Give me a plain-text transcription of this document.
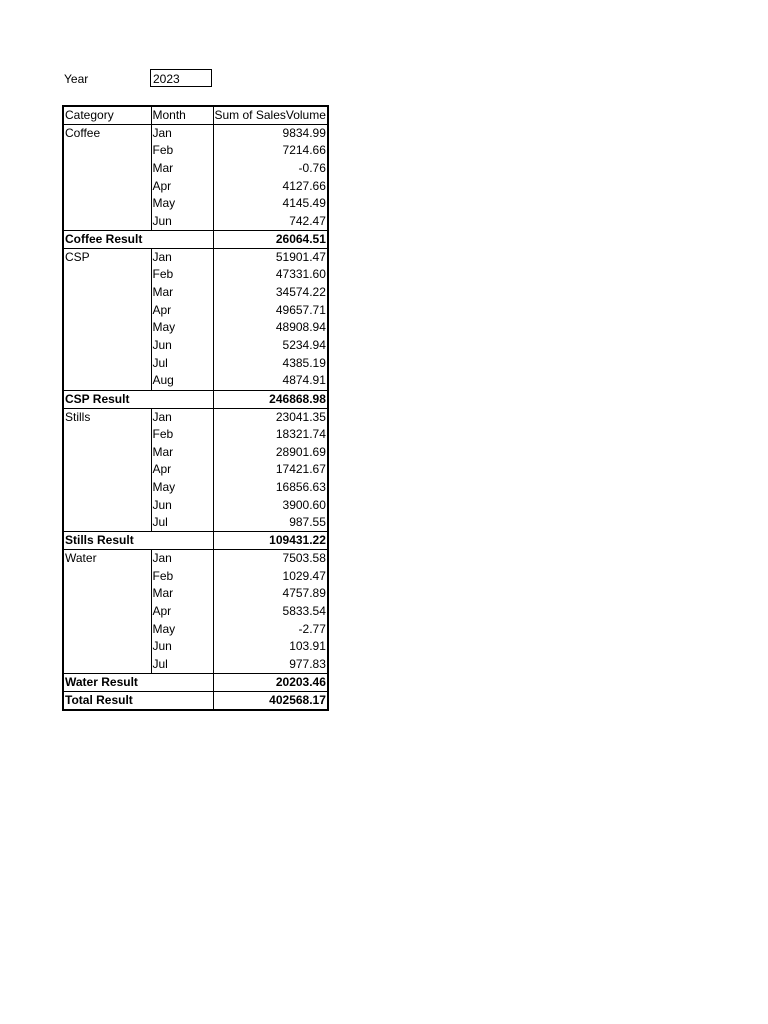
Year	2023
Category	Month	Sum of SalesVolume
Coffee	Jan	9834.99
	Feb	7214.66
	Mar	-0.76
	Apr	4127.66
	May	4145.49
	Jun	742.47
Coffee Result		26064.51
CSP	Jan	51901.47
	Feb	47331.60
	Mar	34574.22
	Apr	49657.71
	May	48908.94
	Jun	5234.94
	Jul	4385.19
	Aug	4874.91
CSP Result		246868.98
Stills	Jan	23041.35
	Feb	18321.74
	Mar	28901.69
	Apr	17421.67
	May	16856.63
	Jun	3900.60
	Jul	987.55
Stills Result		109431.22
Water	Jan	7503.58
	Feb	1029.47
	Mar	4757.89
	Apr	5833.54
	May	-2.77
	Jun	103.91
	Jul	977.83
Water Result		20203.46
Total Result		402568.17
